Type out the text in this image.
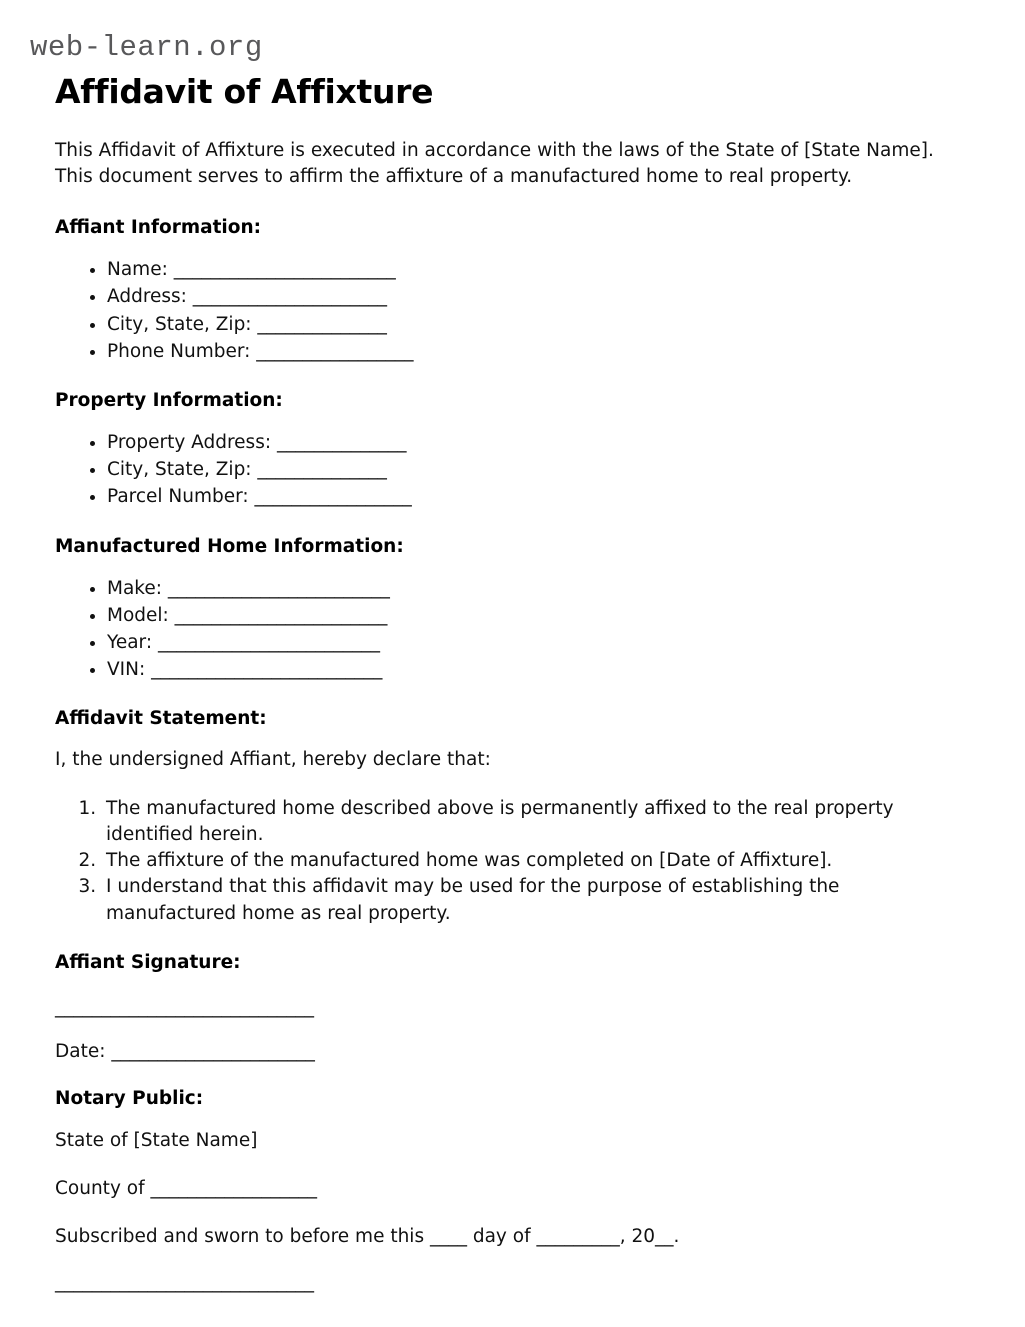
web-learn.org
Affidavit of Affixture

This Affidavit of Affixture is executed in accordance with the laws of the State of [State Name]. This document serves to affirm the affixture of a manufactured home to real property.

Affiant Information:
• Name: ________________________
• Address: _____________________
• City, State, Zip: ______________
• Phone Number: _________________
Property Information:
• Property Address: ______________
• City, State, Zip: ______________
• Parcel Number: _________________
Manufactured Home Information:
• Make: ________________________
• Model: _______________________
• Year: ________________________
• VIN: _________________________
Affidavit Statement:

I, the undersigned Affiant, hereby declare that:

1. The manufactured home described above is permanently affixed to the real property identified herein.
2. The affixture of the manufactured home was completed on [Date of Affixture].
3. I understand that this affidavit may be used for the purpose of establishing the manufactured home as real property.
Affiant Signature:

____________________________

Date: ______________________

Notary Public:

State of [State Name]

County of __________________

Subscribed and sworn to before me this ____ day of _________, 20__.

____________________________
